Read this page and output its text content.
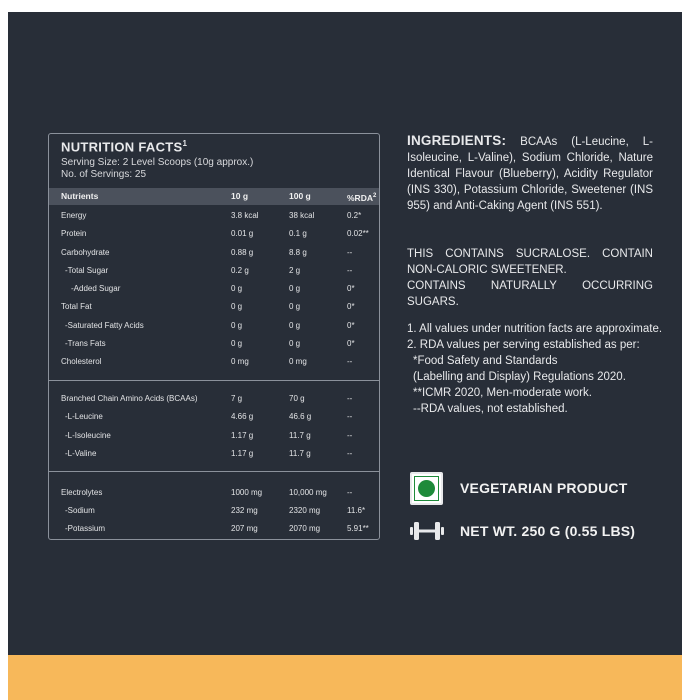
NUTRITION FACTS$^1$
Serving Size: 2 Level Scoops (10g approx.)
No. of Servings: 25
Nutrients	10 g	100 g	%RDA$^2$
Energy	3.8 kcal	38 kcal	0.2*
Protein	0.01 g	0.1 g	0.02**
Carbohydrate	0.88 g	8.8 g	--
-Total Sugar	0.2 g	2 g	--
-Added Sugar	0 g	0 g	0*
Total Fat	0 g	0 g	0*
-Saturated Fatty Acids	0 g	0 g	0*
-Trans Fats	0 g	0 g	0*
Cholesterol	0 mg	0 mg	--
Branched Chain Amino Acids (BCAAs)	7 g	70 g	--
-L-Leucine	4.66 g	46.6 g	--
-L-Isoleucine	1.17 g	11.7 g	--
-L-Valine	1.17 g	11.7 g	--
Electrolytes	1000 mg	10,000 mg	--
-Sodium	232 mg	2320 mg	11.6*
-Potassium	207 mg	2070 mg	5.91**
INGREDIENTS: BCAAs (L-Leucine, L-Isoleucine, L-Valine), Sodium Chloride, Nature Identical Flavour (Blueberry), Acidity Regulator (INS 330), Potassium Chloride, Sweetener (INS 955) and Anti-Caking Agent (INS 551).
THIS CONTAINS SUCRALOSE. CONTAIN NON-CALORIC SWEETENER.
CONTAINS NATURALLY OCCURRING SUGARS.
1. All values under nutrition facts are approximate.
2. RDA values per serving established as per:
*Food Safety and Standards
(Labelling and Display) Regulations 2020.
**ICMR 2020, Men-moderate work.
--RDA values, not established.
VEGETARIAN PRODUCT
NET WT. 250 G (0.55 LBS)
